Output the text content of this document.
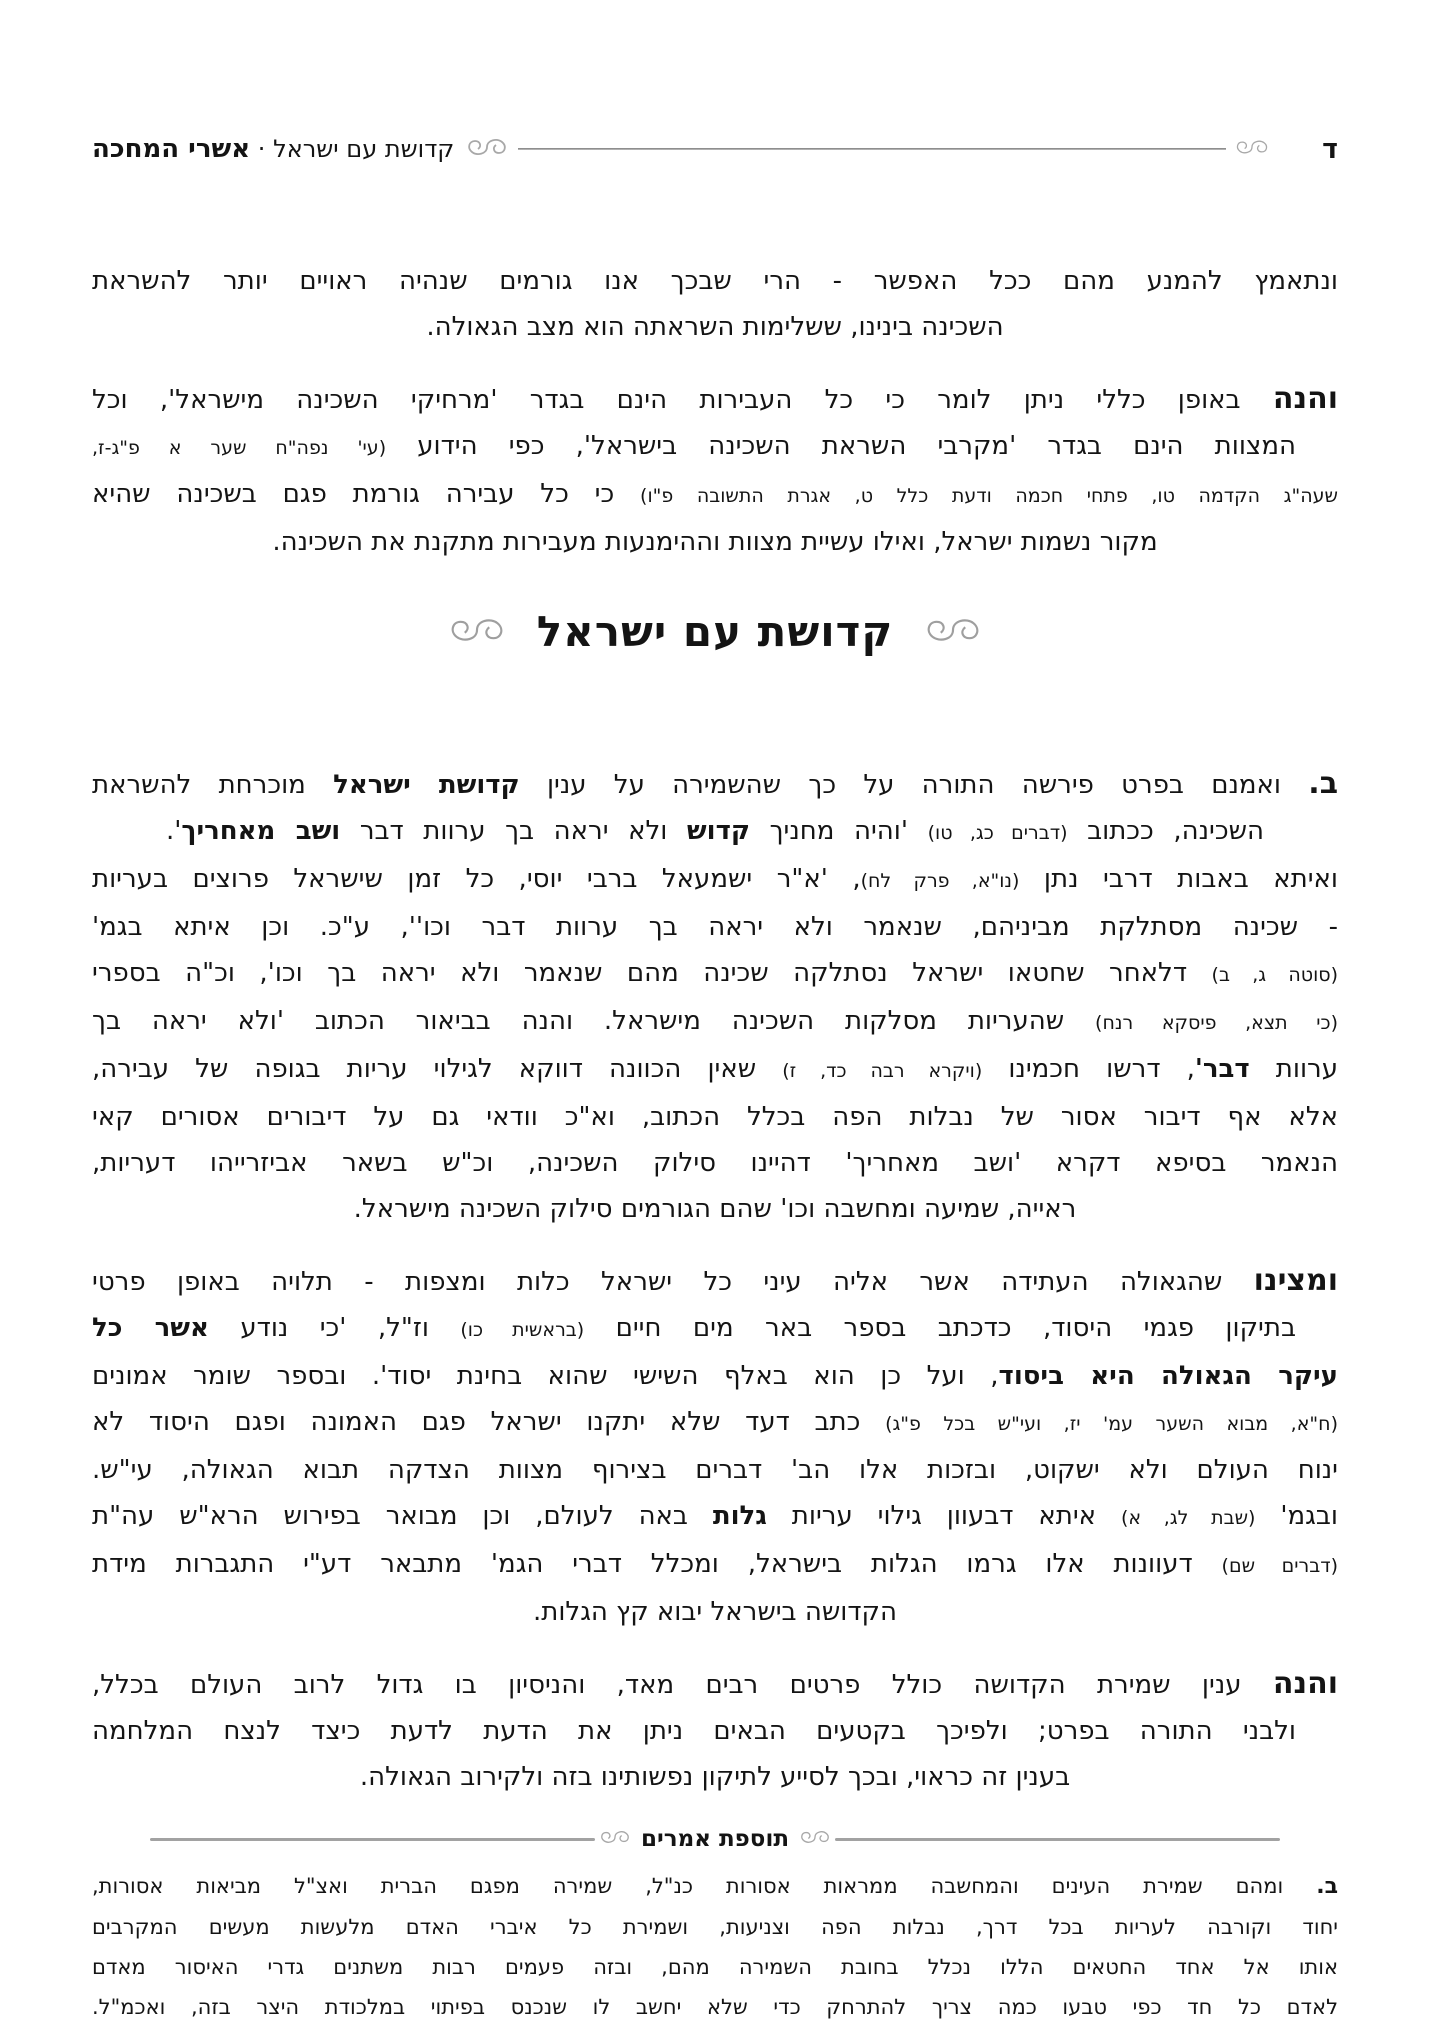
ד
קדושת עם ישראל · אשרי המחכה
ונתאמץ להמנע מהם ככל האפשר - הרי שבכך אנו גורמים שנהיה ראויים יותר להשראת
השכינה בינינו, ששלימות השראתה הוא מצב הגאולה.
והנה באופן כללי ניתן לומר כי כל העבירות הינם בגדר 'מרחיקי השכינה מישראל', וכל
המצוות הינם בגדר 'מקרבי השראת השכינה בישראל', כפי הידוע (עי' נפה"ח שער א פ"ג-ז,
שעה"ג הקדמה טו, פתחי חכמה ודעת כלל ט, אגרת התשובה פ"ו) כי כל עבירה גורמת פגם בשכינה שהיא
מקור נשמות ישראל, ואילו עשיית מצוות וההימנעות מעבירות מתקנת את השכינה.
קדושת עם ישראל
ב. ואמנם בפרט פירשה התורה על כך שהשמירה על ענין קדושת ישראל מוכרחת להשראת
השכינה, ככתוב (דברים כג, טו) 'והיה מחניך קדוש ולא יראה בך ערוות דבר ושב מאחריך'.
ואיתא באבות דרבי נתן (נו"א, פרק לח), 'א"ר ישמעאל ברבי יוסי, כל זמן שישראל פרוצים בעריות
- שכינה מסתלקת מביניהם, שנאמר ולא יראה בך ערוות דבר וכו'', ע"כ. וכן איתא בגמ'
(סוטה ג, ב) דלאחר שחטאו ישראל נסתלקה שכינה מהם שנאמר ולא יראה בך וכו', וכ"ה בספרי
(כי תצא, פיסקא רנח) שהעריות מסלקות השכינה מישראל. והנה בביאור הכתוב 'ולא יראה בך
ערוות דבר', דרשו חכמינו (ויקרא רבה כד, ז) שאין הכוונה דווקא לגילוי עריות בגופה של עבירה,
אלא אף דיבור אסור של נבלות הפה בכלל הכתוב, וא"כ וודאי גם על דיבורים אסורים קאי
הנאמר בסיפא דקרא 'ושב מאחריך' דהיינו סילוק השכינה, וכ"ש בשאר אביזרייהו דעריות,
ראייה, שמיעה ומחשבה וכו' שהם הגורמים סילוק השכינה מישראל.
ומצינו שהגאולה העתידה אשר אליה עיני כל ישראל כלות ומצפות - תלויה באופן פרטי
בתיקון פגמי היסוד, כדכתב בספר באר מים חיים (בראשית כו) וז"ל, 'כי נודע אשר כל
עיקר הגאולה היא ביסוד, ועל כן הוא באלף השישי שהוא בחינת יסוד'. ובספר שומר אמונים
(ח"א, מבוא השער עמ' יז, ועי"ש בכל פ"ג) כתב דעד שלא יתקנו ישראל פגם האמונה ופגם היסוד לא
ינוח העולם ולא ישקוט, ובזכות אלו הב' דברים בצירוף מצוות הצדקה תבוא הגאולה, עי"ש.
ובגמ' (שבת לג, א) איתא דבעוון גילוי עריות גלות באה לעולם, וכן מבואר בפירוש הרא"ש עה"ת
(דברים שם) דעוונות אלו גרמו הגלות בישראל, ומכלל דברי הגמ' מתבאר דע"י התגברות מידת
הקדושה בישראל יבוא קץ הגלות.
והנה ענין שמירת הקדושה כולל פרטים רבים מאד, והניסיון בו גדול לרוב העולם בכלל,
ולבני התורה בפרט; ולפיכך בקטעים הבאים ניתן את הדעת לדעת כיצד לנצח המלחמה
בענין זה כראוי, ובכך לסייע לתיקון נפשותינו בזה ולקירוב הגאולה.
תוספת אמרים
ב. ומהם שמירת העינים והמחשבה ממראות אסורות כנ"ל, שמירה מפגם הברית ואצ"ל מביאות אסורות,
יחוד וקורבה לעריות בכל דרך, נבלות הפה וצניעות, ושמירת כל איברי האדם מלעשות מעשים המקרבים
אותו אל אחד החטאים הללו נכלל בחובת השמירה מהם, ובזה פעמים רבות משתנים גדרי האיסור מאדם
לאדם כל חד כפי טבעו כמה צריך להתרחק כדי שלא יחשב לו שנכנס בפיתוי במלכודת היצר בזה, ואכמ"ל.
